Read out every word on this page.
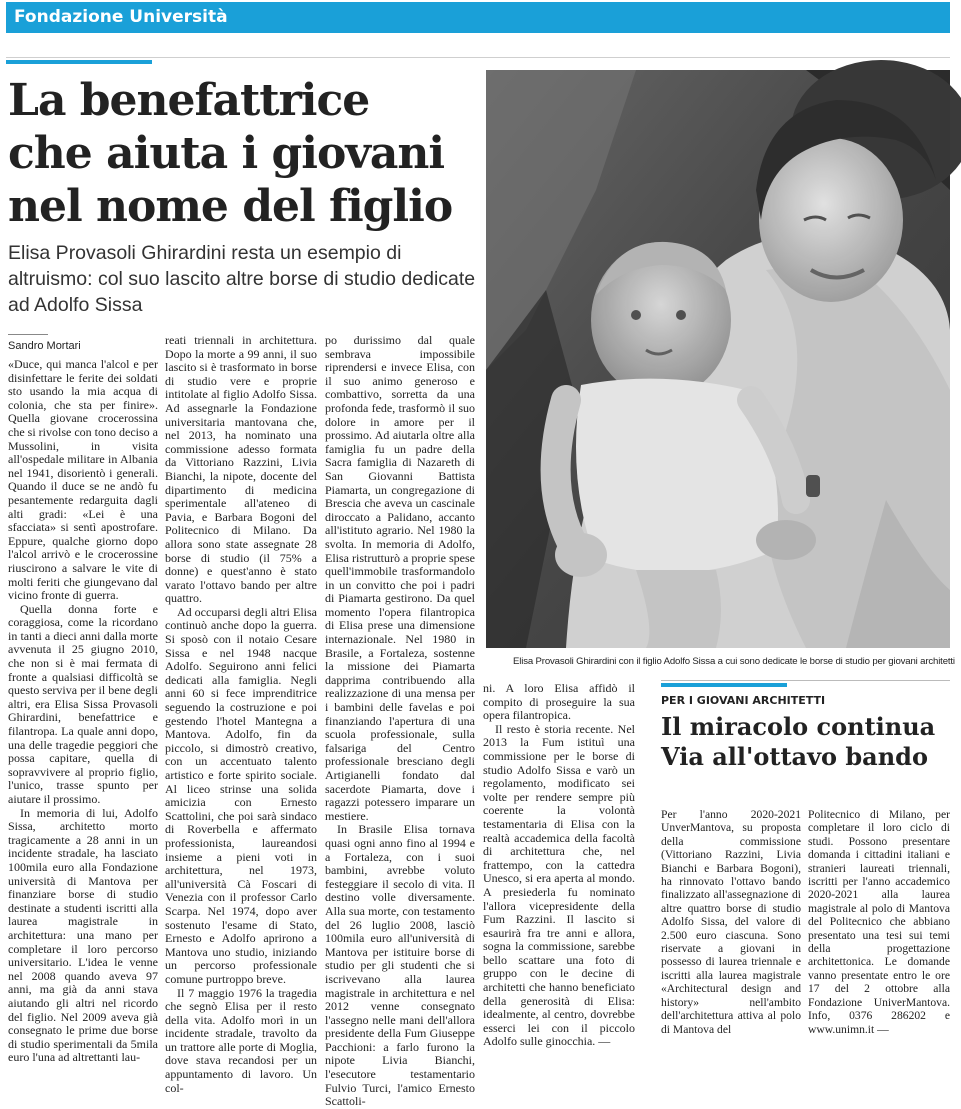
Fondazione Università
La benefattrice
che aiuta i giovani
nel nome del figlio

Elisa Provasoli Ghirardini resta un esempio di altruismo: col suo lascito altre borse di studio dedicate ad Adolfo Sissa

Sandro Mortari

«Duce, qui manca l'alcol e per disinfettare le ferite dei soldati sto usando la mia acqua di colonia, che sta per finire». Quella giovane crocerossina che si rivolse con tono deciso a Mussolini, in visita all'ospedale militare in Albania nel 1941, disorientò i generali. Quando il duce se ne andò fu pesantemente redarguita dagli alti gradi: «Lei è una sfacciata» si sentì apostrofare. Eppure, qualche giorno dopo l'alcol arrivò e le crocerossine riuscirono a salvare le vite di molti feriti che giungevano dal vicino fronte di guerra.

Quella donna forte e coraggiosa, come la ricordano in tanti a dieci anni dalla morte avvenuta il 25 giugno 2010, che non si è mai fermata di fronte a qualsiasi difficoltà se questo serviva per il bene degli altri, era Elisa Sissa Provasoli Ghirardini, benefattrice e filantropa. La quale anni dopo, una delle tragedie peggiori che possa capitare, quella di sopravvivere al proprio figlio, l'unico, trasse spunto per aiutare il prossimo.

In memoria di lui, Adolfo Sissa, architetto morto tragicamente a 28 anni in un incidente stradale, ha lasciato 100mila euro alla Fondazione università di Mantova per finanziare borse di studio destinate a studenti iscritti alla laurea magistrale in architettura: una mano per completare il loro percorso universitario. L'idea le venne nel 2008 quando aveva 97 anni, ma già da anni stava aiutando gli altri nel ricordo del figlio. Nel 2009 aveva già consegnato le prime due borse di studio sperimentali da 5mila euro l'una ad altrettanti lau-

reati triennali in architettura. Dopo la morte a 99 anni, il suo lascito si è trasformato in borse di studio vere e proprie intitolate al figlio Adolfo Sissa. Ad assegnarle la Fondazione universitaria mantovana che, nel 2013, ha nominato una commissione adesso formata da Vittoriano Razzini, Livia Bianchi, la nipote, docente del dipartimento di medicina sperimentale all'ateneo di Pavia, e Barbara Bogoni del Politecnico di Milano. Da allora sono state assegnate 28 borse di studio (il 75% a donne) e quest'anno è stato varato l'ottavo bando per altre quattro.

Ad occuparsi degli altri Elisa continuò anche dopo la guerra. Si sposò con il notaio Cesare Sissa e nel 1948 nacque Adolfo. Seguirono anni felici dedicati alla famiglia. Negli anni 60 si fece imprenditrice seguendo la costruzione e poi gestendo l'hotel Mantegna a Mantova. Adolfo, fin da piccolo, si dimostrò creativo, con un accentuato talento artistico e forte spirito sociale. Al liceo strinse una solida amicizia con Ernesto Scattolini, che poi sarà sindaco di Roverbella e affermato professionista, laureandosi insieme a pieni voti in architettura, nel 1973, all'università Cà Foscari di Venezia con il professor Carlo Scarpa. Nel 1974, dopo aver sostenuto l'esame di Stato, Ernesto e Adolfo aprirono a Mantova uno studio, iniziando un percorso professionale comune purtroppo breve.

Il 7 maggio 1976 la tragedia che segnò Elisa per il resto della vita. Adolfo morì in un incidente stradale, travolto da un trattore alle porte di Moglia, dove stava recandosi per un appuntamento di lavoro. Un col-

po durissimo dal quale sembrava impossibile riprendersi e invece Elisa, con il suo animo generoso e combattivo, sorretta da una profonda fede, trasformò il suo dolore in amore per il prossimo. Ad aiutarla oltre alla famiglia fu un padre della Sacra famiglia di Nazareth di San Giovanni Battista Piamarta, un congregazione di Brescia che aveva un cascinale diroccato a Palidano, accanto all'istituto agrario. Nel 1980 la svolta. In memoria di Adolfo, Elisa ristrutturò a proprie spese quell'immobile trasformandolo in un convitto che poi i padri di Piamarta gestirono. Da quel momento l'opera filantropica di Elisa prese una dimensione internazionale. Nel 1980 in Brasile, a Fortaleza, sostenne la missione dei Piamarta dapprima contribuendo alla realizzazione di una mensa per i bambini delle favelas e poi finanziando l'apertura di una scuola professionale, sulla falsariga del Centro professionale bresciano degli Artigianelli fondato dal sacerdote Piamarta, dove i ragazzi potessero imparare un mestiere.

In Brasile Elisa tornava quasi ogni anno fino al 1994 e a Fortaleza, con i suoi bambini, avrebbe voluto festeggiare il secolo di vita. Il destino volle diversamente. Alla sua morte, con testamento del 26 luglio 2008, lasciò 100mila euro all'università di Mantova per istituire borse di studio per gli studenti che si iscrivevano alla laurea magistrale in architettura e nel 2012 venne consegnato l'assegno nelle mani dell'allora presidente della Fum Giuseppe Pacchioni: a farlo furono la nipote Livia Bianchi, l'esecutore testamentario Fulvio Turci, l'amico Ernesto Scattoli-

Elisa Provasoli Ghirardini con il figlio Adolfo Sissa a cui sono dedicate le borse di studio per giovani architetti

ni. A loro Elisa affidò il compito di proseguire la sua opera filantropica.

Il resto è storia recente. Nel 2013 la Fum istituì una commissione per le borse di studio Adolfo Sissa e varò un regolamento, modificato sei volte per rendere sempre più coerente la volontà testamentaria di Elisa con la realtà accademica della facoltà di architettura che, nel frattempo, con la cattedra Unesco, si era aperta al mondo. A presiederla fu nominato l'allora vicepresidente della Fum Razzini. Il lascito si esaurirà fra tre anni e allora, sogna la commissione, sarebbe bello scattare una foto di gruppo con le decine di architetti che hanno beneficiato della generosità di Elisa: idealmente, al centro, dovrebbe esserci lei con il piccolo Adolfo sulle ginocchia. —

PER I GIOVANI ARCHITETTI
Il miracolo continua
Via all'ottavo bando

Per l'anno 2020-2021 UnverMantova, su proposta della commissione (Vittoriano Razzini, Livia Bianchi e Barbara Bogoni), ha rinnovato l'ottavo bando finalizzato all'assegnazione di altre quattro borse di studio Adolfo Sissa, del valore di 2.500 euro ciascuna. Sono riservate a giovani in possesso di laurea triennale e iscritti alla laurea magistrale «Architectural design and history» nell'ambito dell'architettura attiva al polo di Mantova del

Politecnico di Milano, per completare il loro ciclo di studi. Possono presentare domanda i cittadini italiani e stranieri laureati triennali, iscritti per l'anno accademico 2020-2021 alla laurea magistrale al polo di Mantova del Politecnico che abbiano presentato una tesi sui temi della progettazione architettonica. Le domande vanno presentate entro le ore 17 del 2 ottobre alla Fondazione UniverMantova. Info, 0376 286202 e www.unimn.it —
